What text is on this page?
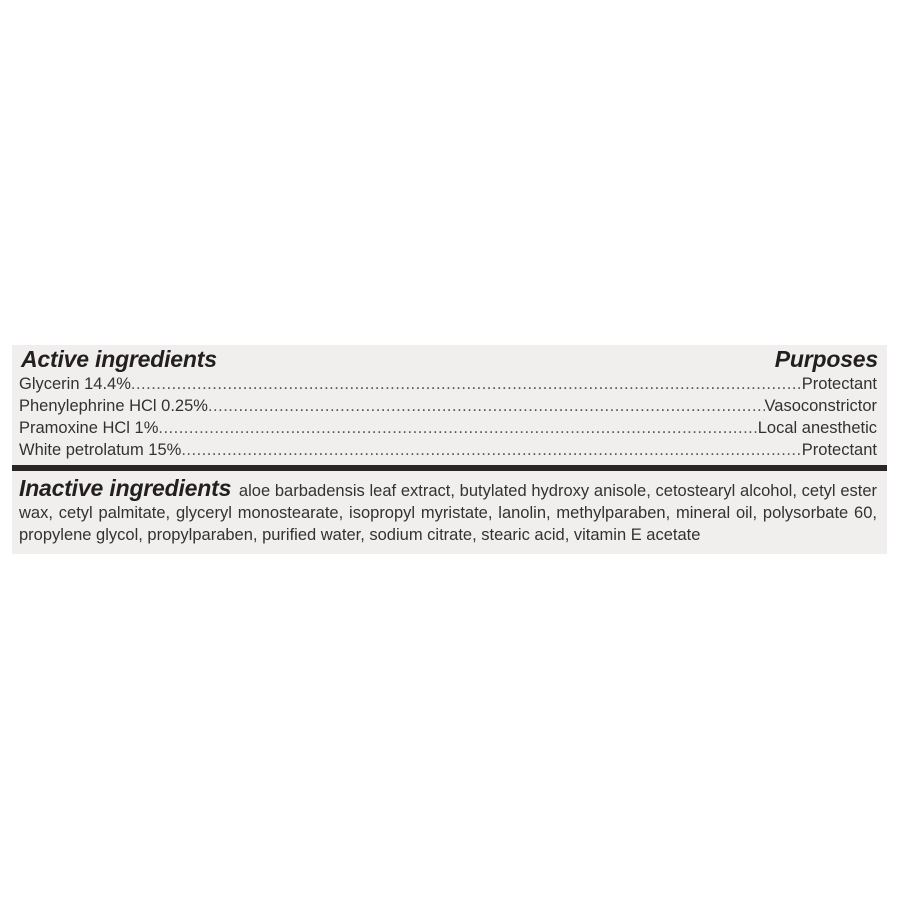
Active ingredients	Purposes
Glycerin 14.4% .....	Protectant
Phenylephrine HCl 0.25% .....	Vasoconstrictor
Pramoxine HCl 1% .....	Local anesthetic
White petrolatum 15% .....	Protectant
Inactive ingredients aloe barbadensis leaf extract, butylated hydroxy anisole, cetostearyl alcohol, cetyl ester wax, cetyl palmitate, glyceryl monostearate, isopropyl myristate, lanolin, methylparaben, mineral oil, polysorbate 60, propylene glycol, propylparaben, purified water, sodium citrate, stearic acid, vitamin E acetate
